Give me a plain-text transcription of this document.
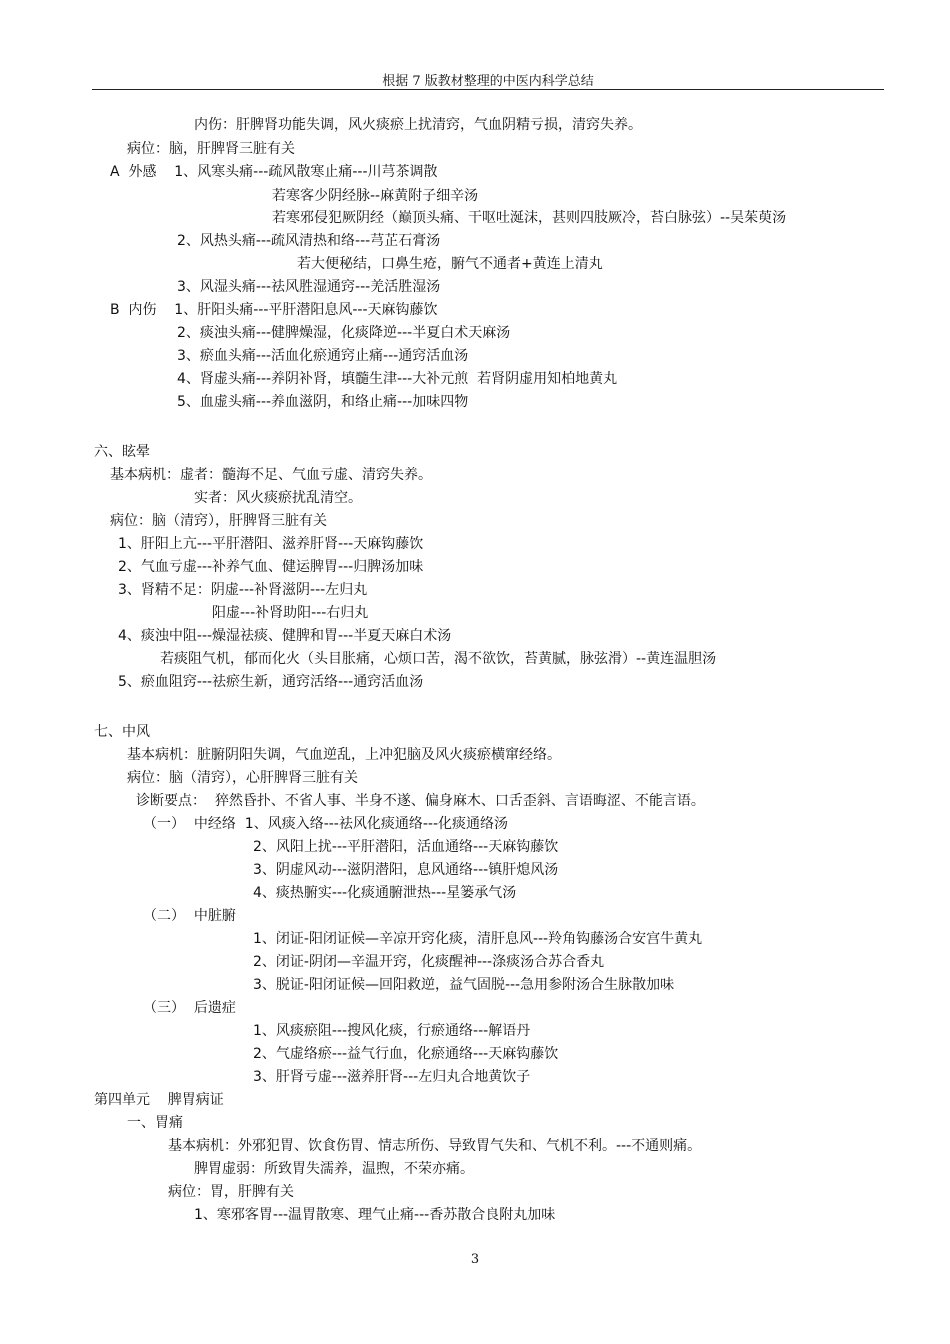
根据 7 版教材整理的中医内科学总结
内伤：肝脾肾功能失调，风火痰瘀上扰清窍，气血阴精亏损，清窍失养。
病位：脑，肝脾肾三脏有关
A  外感    1、风寒头痛---疏风散寒止痛---川芎茶调散
若寒客少阴经脉--麻黄附子细辛汤
若寒邪侵犯厥阴经（巅顶头痛、干呕吐涎沫，甚则四肢厥冷，苔白脉弦）--吴茱萸汤
2、风热头痛---疏风清热和络---芎芷石膏汤
若大便秘结，口鼻生疮，腑气不通者+黄连上清丸
3、风湿头痛---祛风胜湿通窍---羌活胜湿汤
B  内伤    1、肝阳头痛---平肝潜阳息风---天麻钩藤饮
2、痰浊头痛---健脾燥湿，化痰降逆---半夏白术天麻汤
3、瘀血头痛---活血化瘀通窍止痛---通窍活血汤
4、肾虚头痛---养阴补肾，填髓生津---大补元煎  若肾阴虚用知柏地黄丸
5、血虚头痛---养血滋阴，和络止痛---加味四物
六、眩晕
基本病机：虚者：髓海不足、气血亏虚、清窍失养。
实者：风火痰瘀扰乱清空。
病位：脑（清窍），肝脾肾三脏有关
1、肝阳上亢---平肝潜阳、滋养肝肾---天麻钩藤饮
2、气血亏虚---补养气血、健运脾胃---归脾汤加味
3、肾精不足：阴虚---补肾滋阴---左归丸
阳虚---补肾助阳---右归丸
4、痰浊中阻---燥湿祛痰、健脾和胃---半夏天麻白术汤
若痰阻气机，郁而化火（头目胀痛，心烦口苦，渴不欲饮，苔黄腻，脉弦滑）--黄连温胆汤
5、瘀血阻窍---祛瘀生新，通窍活络---通窍活血汤
七、中风
基本病机：脏腑阴阳失调，气血逆乱，上冲犯脑及风火痰瘀横窜经络。
病位：脑（清窍），心肝脾肾三脏有关
诊断要点：  猝然昏扑、不省人事、半身不遂、偏身麻木、口舌歪斜、言语晦涩、不能言语。
（一）  中经络  1、风痰入络---祛风化痰通络---化痰通络汤
2、风阳上扰---平肝潜阳，活血通络---天麻钩藤饮
3、阴虚风动---滋阴潜阳，息风通络---镇肝熄风汤
4、痰热腑实---化痰通腑泄热---星篓承气汤
（二）  中脏腑
1、闭证-阳闭证候—辛凉开窍化痰，清肝息风---羚角钩藤汤合安宫牛黄丸
2、闭证-阴闭—辛温开窍，化痰醒神---涤痰汤合苏合香丸
3、脱证-阳闭证候—回阳救逆，益气固脱---急用参附汤合生脉散加味
（三）  后遗症
1、风痰瘀阻---搜风化痰，行瘀通络---解语丹
2、气虚络瘀---益气行血，化瘀通络---天麻钩藤饮
3、肝肾亏虚---滋养肝肾---左归丸合地黄饮子
第四单元    脾胃病证
一、胃痛
基本病机：外邪犯胃、饮食伤胃、情志所伤、导致胃气失和、气机不利。---不通则痛。
脾胃虚弱：所致胃失濡养，温煦，不荣亦痛。
病位：胃，肝脾有关
1、寒邪客胃---温胃散寒、理气止痛---香苏散合良附丸加味
3
